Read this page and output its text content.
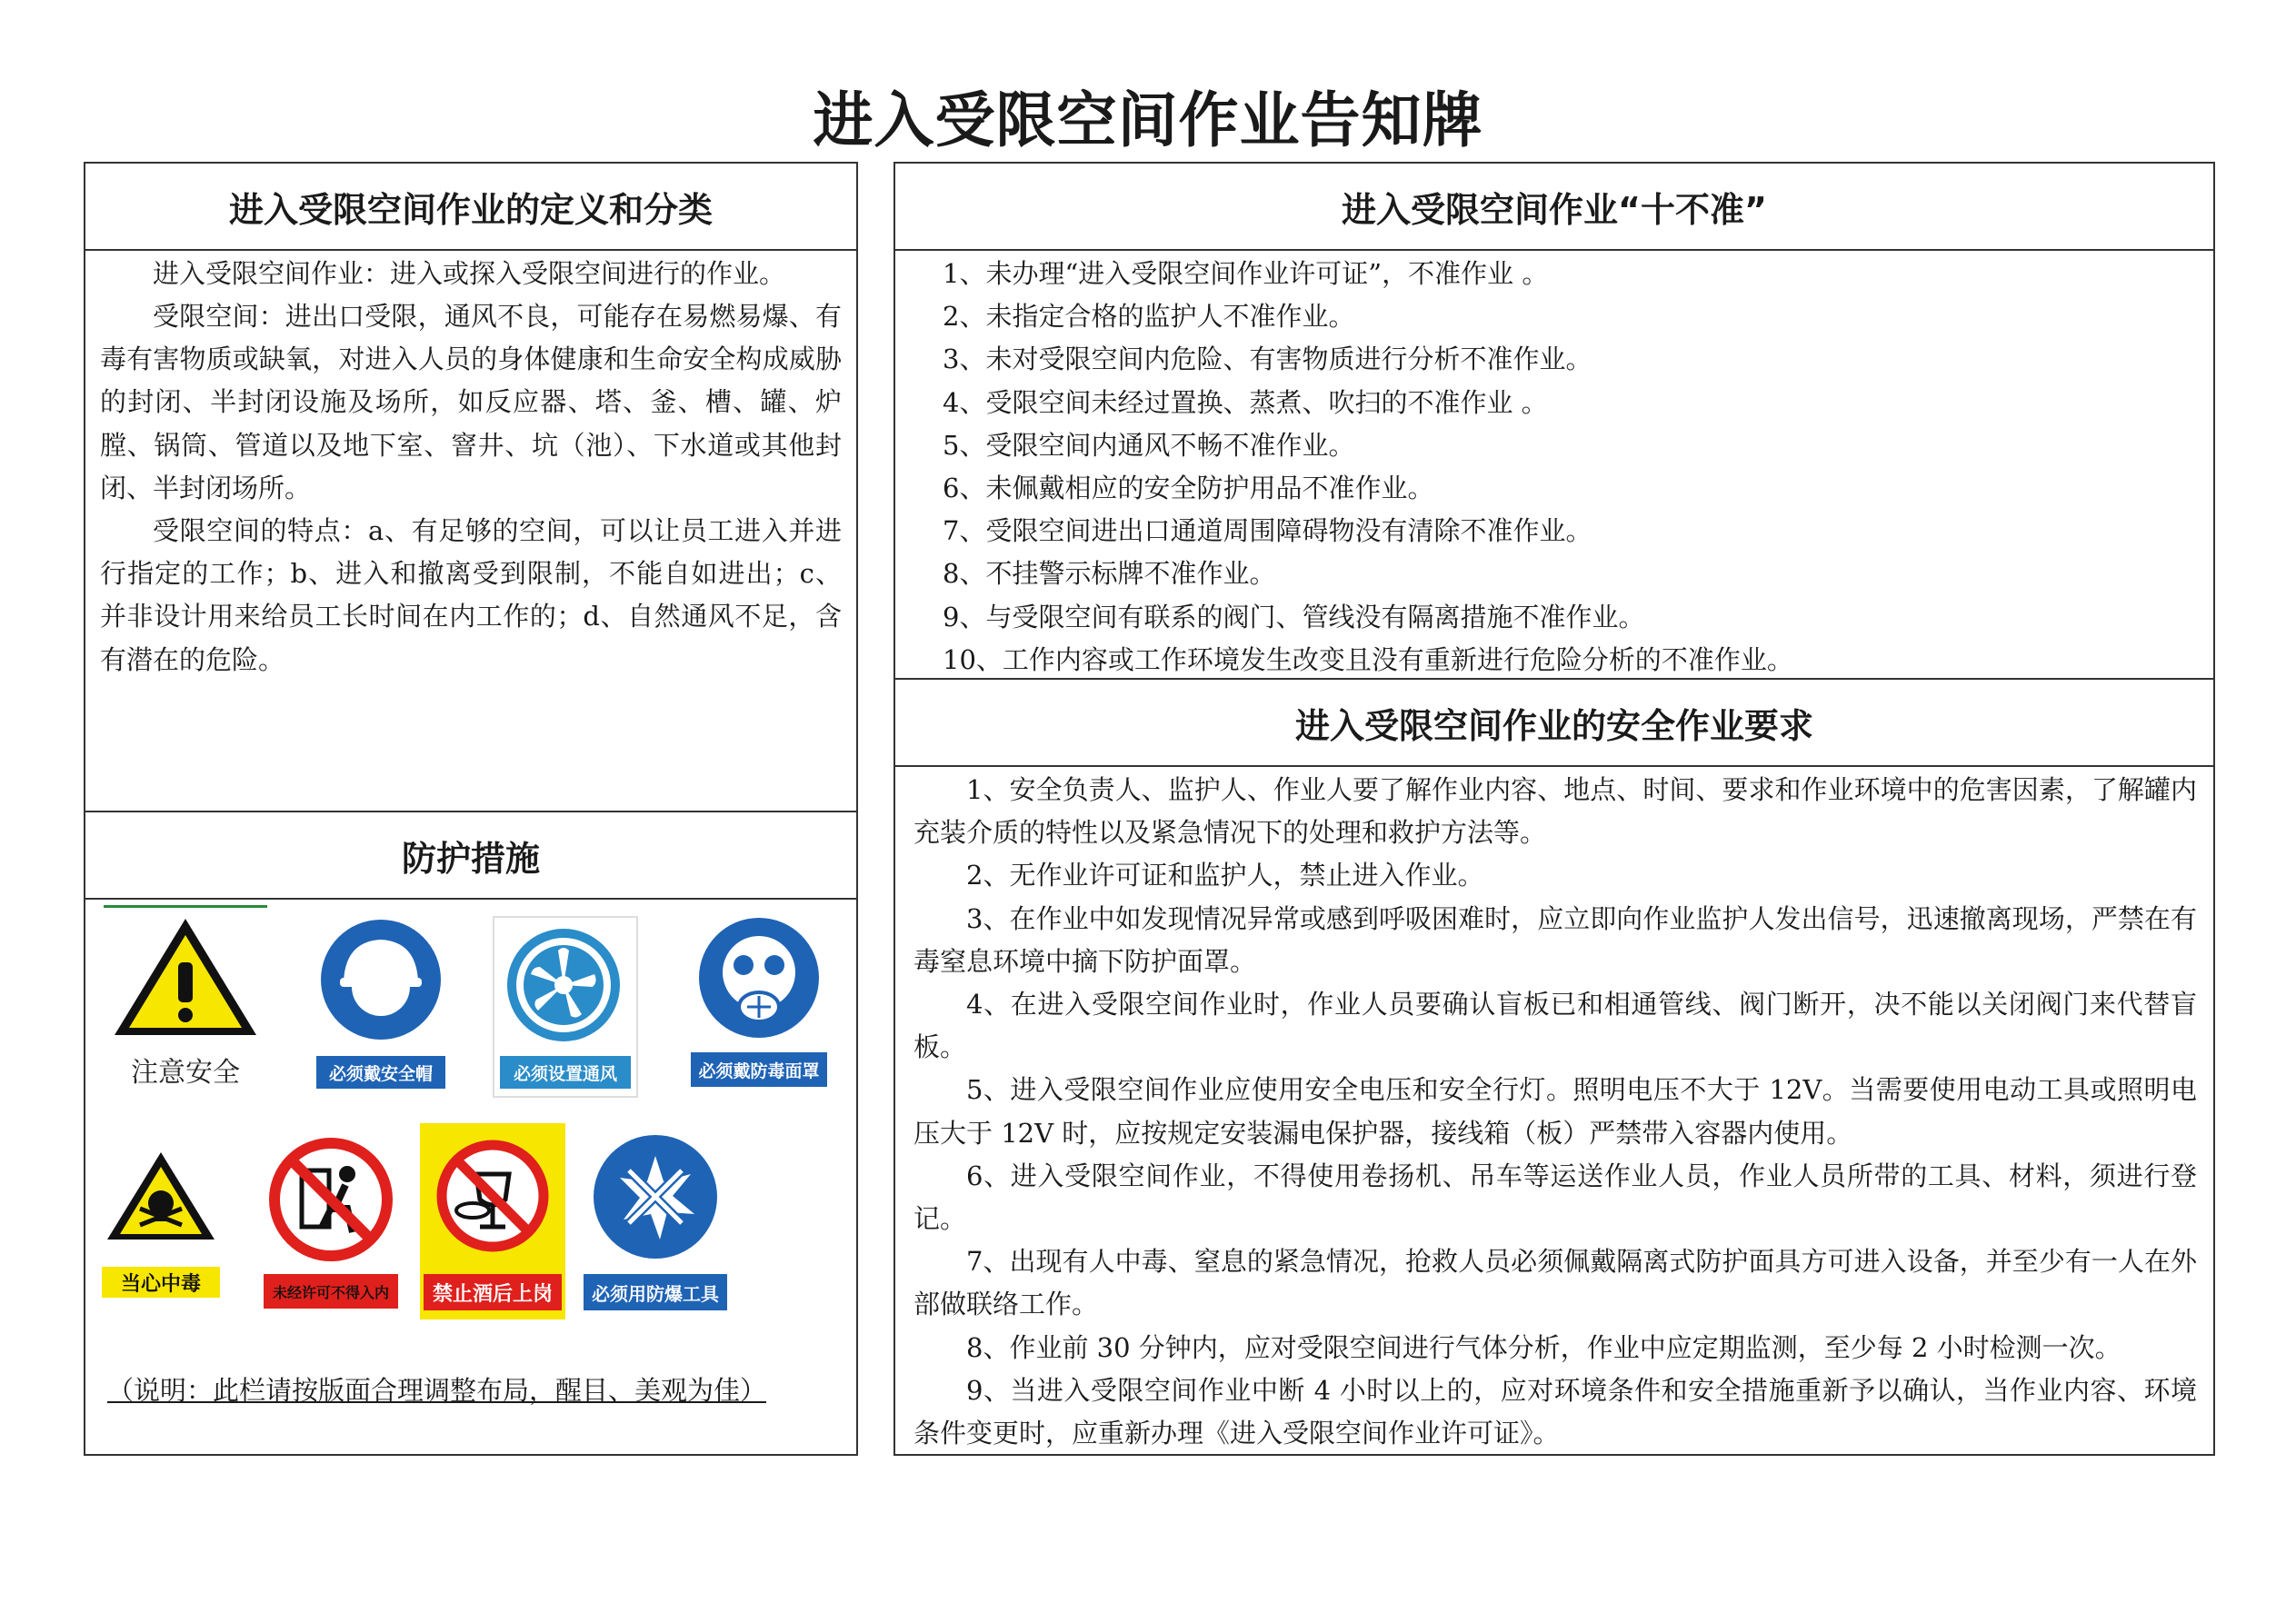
进入受限空间作业告知牌
进入受限空间作业的定义和分类

进入受限空间作业：进入或探入受限空间进行的作业。

受限空间：进出口受限，通风不良，可能存在易燃易爆、有毒有害物质或缺氧，对进入人员的身体健康和生命安全构成威胁的封闭、半封闭设施及场所，如反应器、塔、釜、槽、罐、炉膛、锅筒、管道以及地下室、窨井、坑（池）、下水道或其他封闭、半封闭场所。

受限空间的特点：a、有足够的空间，可以让员工进入并进行指定的工作；b、进入和撤离受到限制，不能自如进出；c、并非设计用来给员工长时间在内工作的；d、自然通风不足，含有潜在的危险。

防护措施
注意安全	必须戴安全帽	必须设置通风	必须戴防毒面罩
当心中毒	未经许可不得入内	禁止酒后上岗	必须用防爆工具

（说明：此栏请按版面合理调整布局，醒目、美观为佳）

进入受限空间作业“十不准”
1、未办理“进入受限空间作业许可证”，不准作业 。
2、未指定合格的监护人不准作业。
3、未对受限空间内危险、有害物质进行分析不准作业。
4、受限空间未经过置换、蒸煮、吹扫的不准作业 。
5、受限空间内通风不畅不准作业。
6、未佩戴相应的安全防护用品不准作业。
7、受限空间进出口通道周围障碍物没有清除不准作业。
8、不挂警示标牌不准作业。
9、与受限空间有联系的阀门、管线没有隔离措施不准作业。
10、工作内容或工作环境发生改变且没有重新进行危险分析的不准作业。
进入受限空间作业的安全作业要求

1、安全负责人、监护人、作业人要了解作业内容、地点、时间、要求和作业环境中的危害因素，了解罐内充装介质的特性以及紧急情况下的处理和救护方法等。

2、无作业许可证和监护人，禁止进入作业。

3、在作业中如发现情况异常或感到呼吸困难时，应立即向作业监护人发出信号，迅速撤离现场，严禁在有毒窒息环境中摘下防护面罩。

4、在进入受限空间作业时，作业人员要确认盲板已和相通管线、阀门断开，决不能以关闭阀门来代替盲板。

5、进入受限空间作业应使用安全电压和安全行灯。照明电压不大于 12V。当需要使用电动工具或照明电压大于 12V 时，应按规定安装漏电保护器，接线箱（板）严禁带入容器内使用。

6、进入受限空间作业，不得使用卷扬机、吊车等运送作业人员，作业人员所带的工具、材料，须进行登记。

7、出现有人中毒、窒息的紧急情况，抢救人员必须佩戴隔离式防护面具方可进入设备，并至少有一人在外部做联络工作。

8、作业前 30 分钟内，应对受限空间进行气体分析，作业中应定期监测，至少每 2 小时检测一次。

9、当进入受限空间作业中断 4 小时以上的，应对环境条件和安全措施重新予以确认，当作业内容、环境条件变更时，应重新办理《进入受限空间作业许可证》。
